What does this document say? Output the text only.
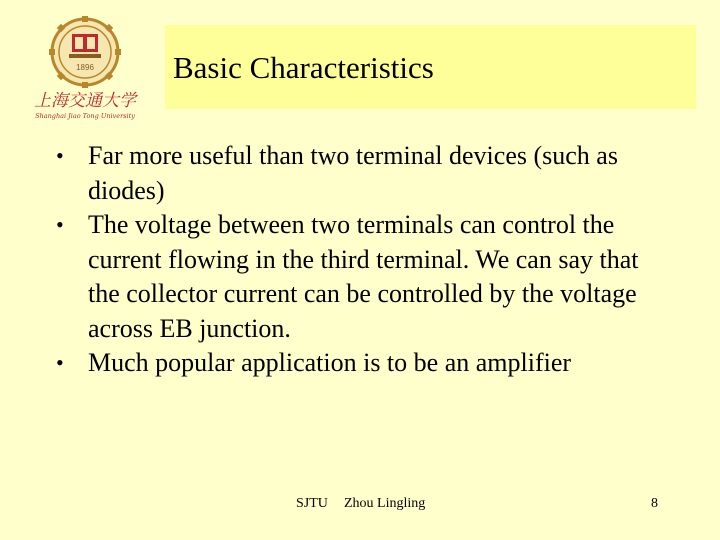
1896
上海交通大学
Shanghai Jiao Tong University
Basic Characteristics
• Far more useful than two terminal devices (such as diodes)
• The voltage between two terminals can control the current flowing in the third terminal. We can say that the collector current can be controlled by the voltage across EB junction.
• Much popular application is to be an amplifier
SJTU Zhou Lingling	8
